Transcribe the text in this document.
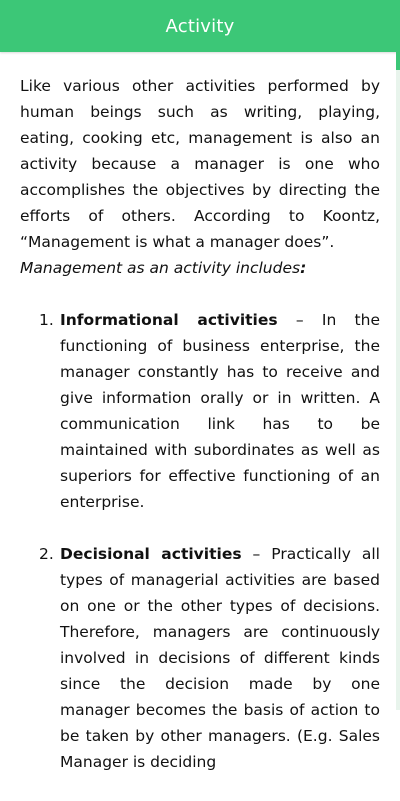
Activity

Like various other activities performed by human beings such as writing, playing, eating, cooking etc, management is also an activity because a manager is one who accomplishes the objectives by directing the efforts of others. According to Koontz, “Management is what a manager does”.

Management as an activity includes:

1. Informational activities – In the functioning of business enterprise, the manager constantly has to receive and give information orally or in written. A communication link has to be maintained with subordinates as well as superiors for effective functioning of an enterprise.
2. Decisional activities – Practically all types of managerial activities are based on one or the other types of decisions. Therefore, managers are continuously involved in decisions of different kinds since the decision made by one manager becomes the basis of action to be taken by other managers. (E.g. Sales Manager is deciding
